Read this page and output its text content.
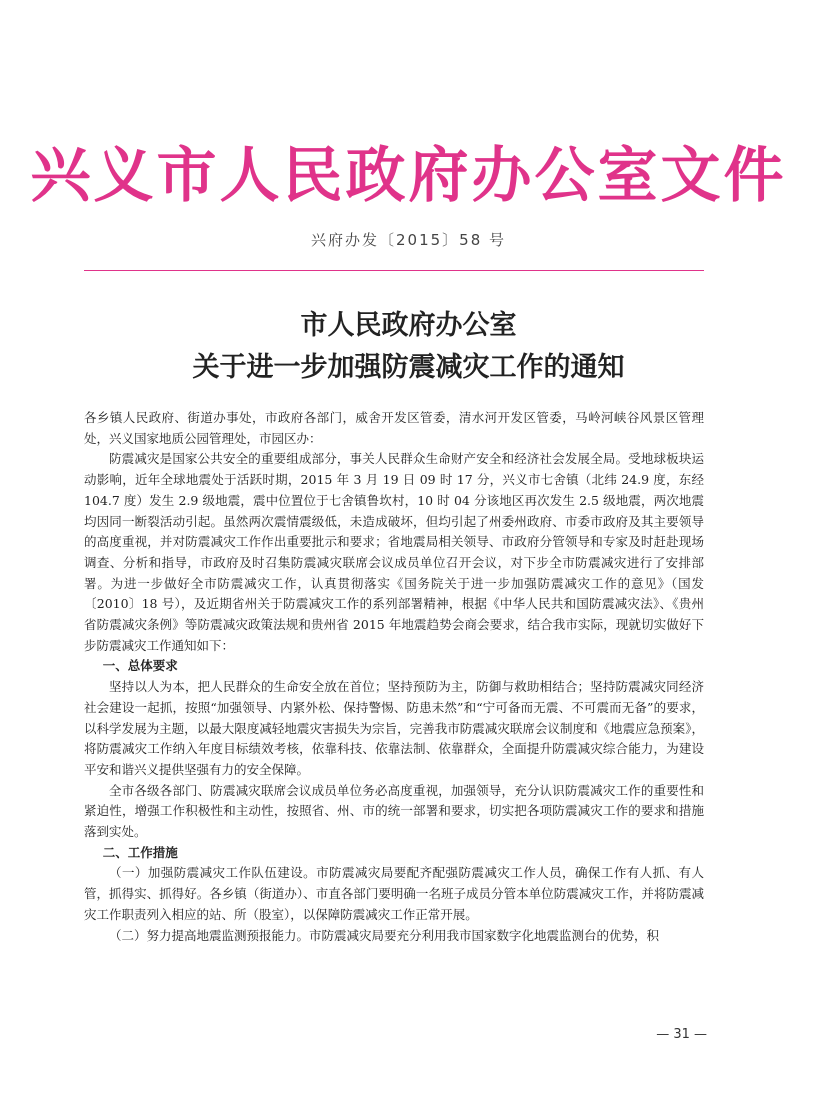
兴义市人民政府办公室文件
兴府办发〔2015〕58 号
市人民政府办公室
关于进一步加强防震减灾工作的通知

各乡镇人民政府、街道办事处，市政府各部门，威舍开发区管委，清水河开发区管委，马岭河峡谷风景区管理处，兴义国家地质公园管理处，市园区办：

防震减灾是国家公共安全的重要组成部分，事关人民群众生命财产安全和经济社会发展全局。受地球板块运动影响，近年全球地震处于活跃时期，2015 年 3 月 19 日 09 时 17 分，兴义市七舍镇（北纬 24.9 度，东经 104.7 度）发生 2.9 级地震，震中位置位于七舍镇鲁坎村，10 时 04 分该地区再次发生 2.5 级地震，两次地震均因同一断裂活动引起。虽然两次震情震级低，未造成破坏，但均引起了州委州政府、市委市政府及其主要领导的高度重视，并对防震减灾工作作出重要批示和要求；省地震局相关领导、市政府分管领导和专家及时赶赴现场调查、分析和指导，市政府及时召集防震减灾联席会议成员单位召开会议，对下步全市防震减灾进行了安排部署。为进一步做好全市防震减灾工作，认真贯彻落实《国务院关于进一步加强防震减灾工作的意见》（国发〔2010〕18 号），及近期省州关于防震减灾工作的系列部署精神，根据《中华人民共和国防震减灾法》、《贵州省防震减灾条例》等防震减灾政策法规和贵州省 2015 年地震趋势会商会要求，结合我市实际，现就切实做好下步防震减灾工作通知如下：

一、总体要求

坚持以人为本，把人民群众的生命安全放在首位；坚持预防为主，防御与救助相结合；坚持防震减灾同经济社会建设一起抓，按照“加强领导、内紧外松、保持警惕、防患未然”和“宁可备而无震、不可震而无备”的要求，以科学发展为主题，以最大限度减轻地震灾害损失为宗旨，完善我市防震减灾联席会议制度和《地震应急预案》，将防震减灾工作纳入年度目标绩效考核，依靠科技、依靠法制、依靠群众，全面提升防震减灾综合能力，为建设平安和谐兴义提供坚强有力的安全保障。

全市各级各部门、防震减灾联席会议成员单位务必高度重视，加强领导，充分认识防震减灾工作的重要性和紧迫性，增强工作积极性和主动性，按照省、州、市的统一部署和要求，切实把各项防震减灾工作的要求和措施落到实处。

二、工作措施

（一）加强防震减灾工作队伍建设。市防震减灾局要配齐配强防震减灾工作人员，确保工作有人抓、有人管，抓得实、抓得好。各乡镇（街道办）、市直各部门要明确一名班子成员分管本单位防震减灾工作，并将防震减灾工作职责列入相应的站、所（股室），以保障防震减灾工作正常开展。

（二）努力提高地震监测预报能力。市防震减灾局要充分利用我市国家数字化地震监测台的优势，积

— 31 —
